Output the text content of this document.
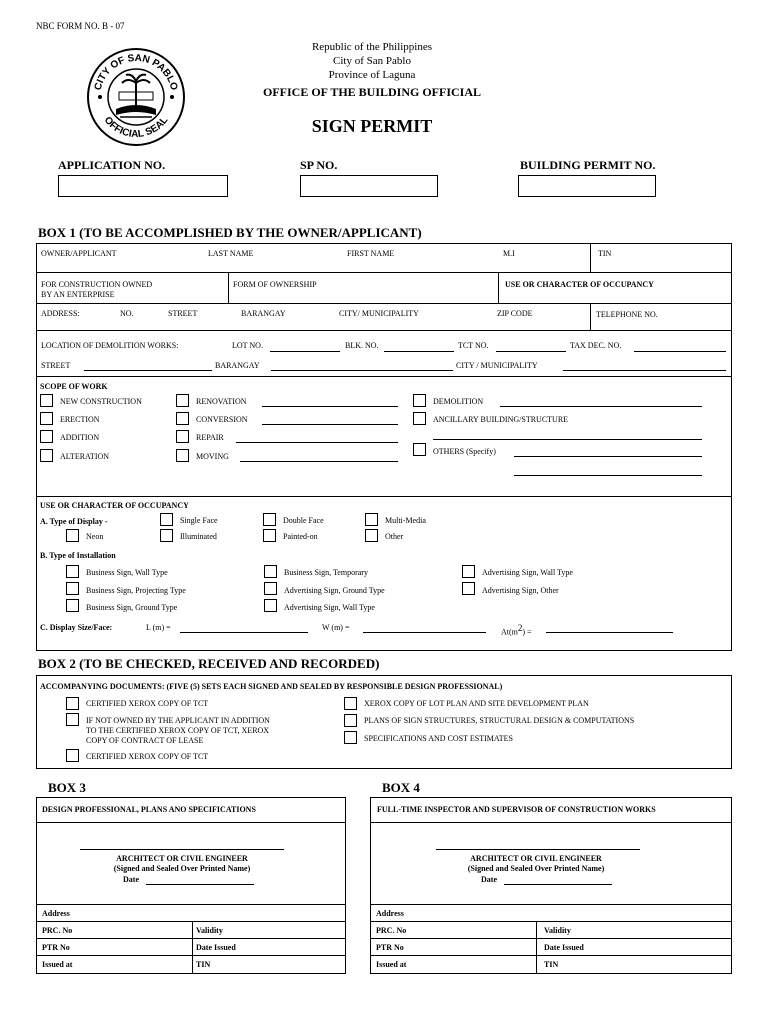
NBC FORM NO. B - 07
CITY OF SAN PABLO
OFFICIAL SEAL
Republic of the Philippines
City of San Pablo
Province of Laguna
OFFICE OF THE BUILDING OFFICIAL
SIGN PERMIT
APPLICATION NO.	SP NO.	BUILDING PERMIT NO.
BOX 1 (TO BE ACCOMPLISHED BY THE OWNER/APPLICANT)
OWNER/APPLICANT	LAST NAME	FIRST NAME	M.I	TIN
FOR CONSTRUCTION OWNED
BY AN ENTERPRISE
FORM OF OWNERSHIP	USE OR CHARACTER OF OCCUPANCY
ADDRESS:	NO.	STREET	BARANGAY	CITY/ MUNICIPALITY	ZIP CODE	TELEPHONE NO.
LOCATION OF DEMOLITION WORKS:	LOT NO.	BLK. NO.	TCT NO.	TAX DEC. NO.
STREET	BARANGAY	CITY / MUNICIPALITY
SCOPE OF WORK
NEW CONSTRUCTION
ERECTION
ADDITION
ALTERATION
RENOVATION
CONVERSION
REPAIR
MOVING
DEMOLITION
ANCILLARY BUILDING/STRUCTURE
OTHERS (Specify)
USE OR CHARACTER OF OCCUPANCY
A. Type of Display -	Single Face	Double Face	Multi-Media
Neon	Illuminated	Painted-on	Other
B. Type of Installation
Business Sign, Wall Type
Business Sign, Projecting Type
Business Sign, Ground Type
Business Sign, Temporary
Advertising Sign, Ground Type
Advertising Sign, Wall Type
Advertising Sign, Wall Type
Advertising Sign, Other
C. Display Size/Face:	L (m) =	W (m) =
$At(m^2)$ =
BOX 2 (TO BE CHECKED, RECEIVED AND RECORDED)
ACCOMPANYING DOCUMENTS: (FIVE (5) SETS EACH SIGNED AND SEALED BY RESPONSIBLE DESIGN PROFESSIONAL)
CERTIFIED XEROX COPY OF TCT
IF NOT OWNED BY THE APPLICANT IN ADDITION
TO THE CERTIFIED XEROX COPY OF TCT, XEROX
COPY OF CONTRACT OF LEASE
CERTIFIED XEROX COPY OF TCT
XEROX COPY OF LOT PLAN AND SITE DEVELOPMENT PLAN
PLANS OF SIGN STRUCTURES, STRUCTURAL DESIGN & COMPUTATIONS
SPECIFICATIONS AND COST ESTIMATES
BOX 3
DESIGN PROFESSIONAL, PLANS ANO SPECIFICATIONS
ARCHITECT OR CIVIL ENGINEER
(Signed and Sealed Over Printed Name)
Date
Address
PRC. No	Validity
PTR No	Date Issued
Issued at	TIN
BOX 4
FULL-TIME INSPECTOR AND SUPERVISOR OF CONSTRUCTION WORKS
ARCHITECT OR CIVIL ENGINEER
(Signed and Sealed Over Printed Name)
Date
Address
PRC. No	Validity
PTR No	Date Issued
Issued at	TIN
